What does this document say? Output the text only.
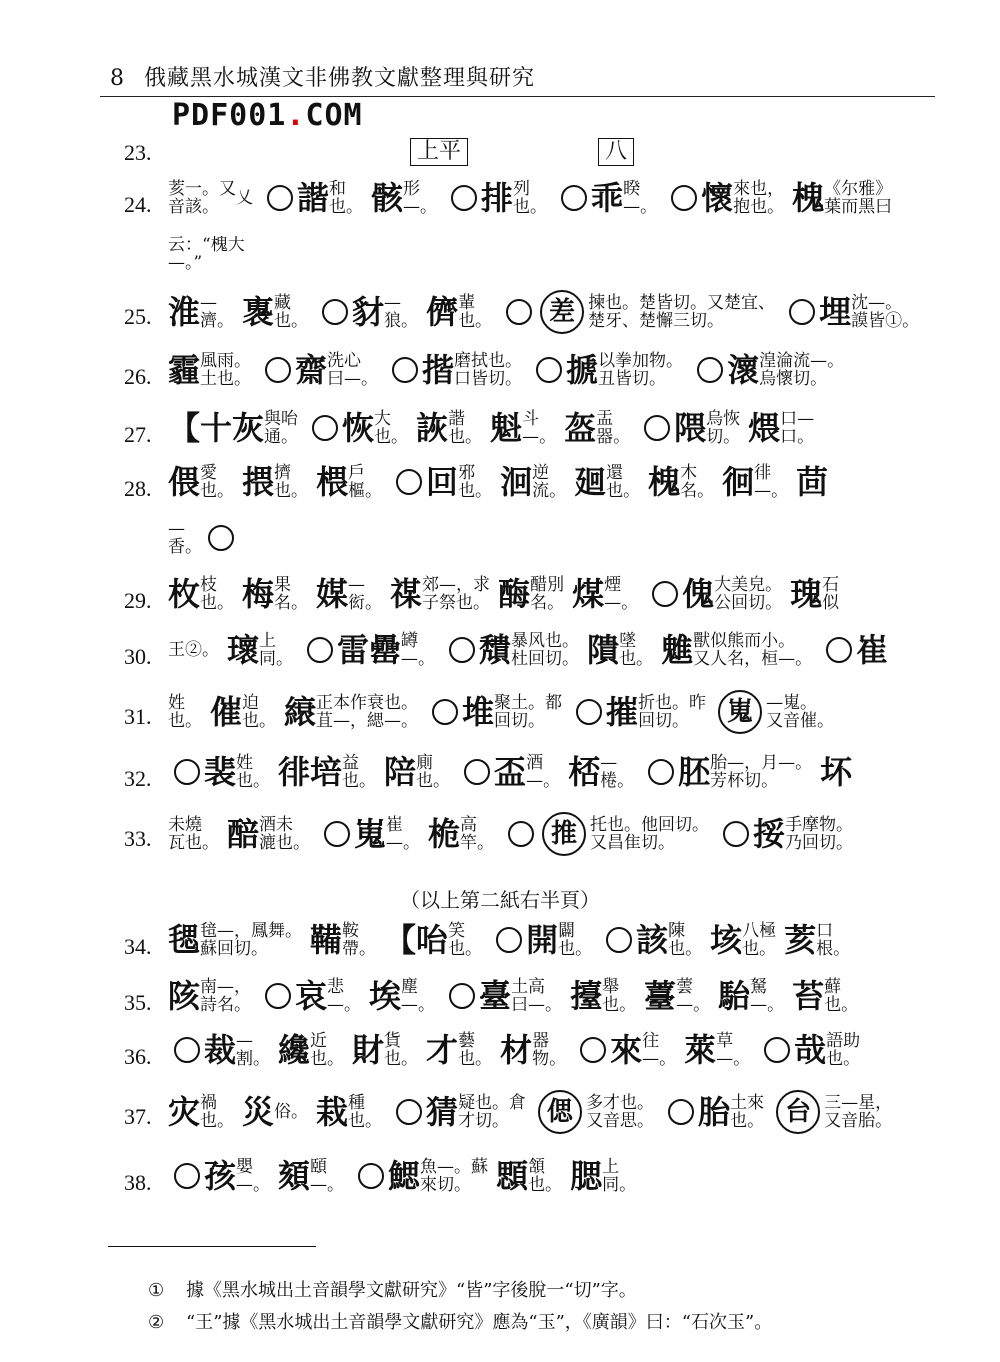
8 俄藏黑水城漢文非佛教文獻整理與研究
PDF001.COM
23.	上平	八
24.
荄一。又
音該。 乂 諧和
也。 骸形
—。 排列
也。 乖睽
—。 懷來也，
抱也。 槐《尔雅》
葉而黑曰
云：“槐大
—。”
25. 淮—
濟。 褢藏
也。 豺—
狼。 儕輩
也。 差 揀也。楚皆切。又楚宜、
楚牙、楚懈三切。	埋沈—。
謨皆①。
26. 霾風雨。
土也。 齋洗心
曰—。 揩磨拭也。
口皆切。 搋以拳加物。
丑皆切。 瀤湟淪流—。
烏懷切。
27. 【十灰與咍
通。 恢大
也。 詼諧
也。 魁斗
—。 盔盂
器。 隈烏恢
切。 煨口—
口。
28. 偎愛
也。 揋擠
也。 椳戶
樞。 回邪
也。 洄逆
流。 廻還
也。 槐木
名。 徊徘
—。 茴
—
香。
29. 枚枝
也。 梅果
名。 媒—
衒。 禖郊—，求
子祭也。 酶醋別
名。 煤煙
—。 傀大美皃。
公回切。 瑰石
似
30. 王②。 瓌上
同。 雷罍罇
—。 穨暴风也。
杜回切。 隤墜
也。 魋獸似熊而小。
又人名，桓—。 崔
31.
姓
也。 催迫
也。 縗正本作衰也。
苴—，緦—。 堆聚土。都
回切。 摧折也。昨
回切。 嵬 —嵬。
又音催。
32.	裴姓
也。 徘培益
也。 陪廁
也。 盃酒
—。 桮—
棬。 胚胎—，月—。
芳杯切。 坏
33.
未燒
瓦也。 醅酒未
漉也。 嵬崔
—。 桅高
竿。 推 托也。他回切。
又昌隹切。 挼手摩物。
乃回切。
（以上第二紙右半頁）
34. 毸毰—，鳳舞。
蘇回切。 鞴鞍
帶。 【咍笑
也。 開闢
也。 該陳
也。 垓八極
也。 荄口
根。
35. 陔南—，
詩名。 哀悲
—。 埃塵
—。 臺土高
曰—。 擡舉
也。 薹蕓
—。 駘駑
—。 苔蘚
也。
36.	裁—
割。 纔近
也。 財貨
也。 才藝
也。 材器
物。 來往
—。 萊草
—。 哉語助
也。
37. 灾禍
也。 災俗。 栽種
也。 猜疑也。倉
才切。 偲 多才也。
又音思。 胎土來
也。 台 三—星，
又音胎。
38.	孩嬰
—。 頦頤
—。 鰓魚—。蘇
來切。 顋頷
也。 腮上
同。
① 據《黑水城出土音韻學文獻研究》“皆”字後脫一“切”字。
② “王”據《黑水城出土音韻學文獻研究》應為“玉”，《廣韻》曰：“石次玉”。
